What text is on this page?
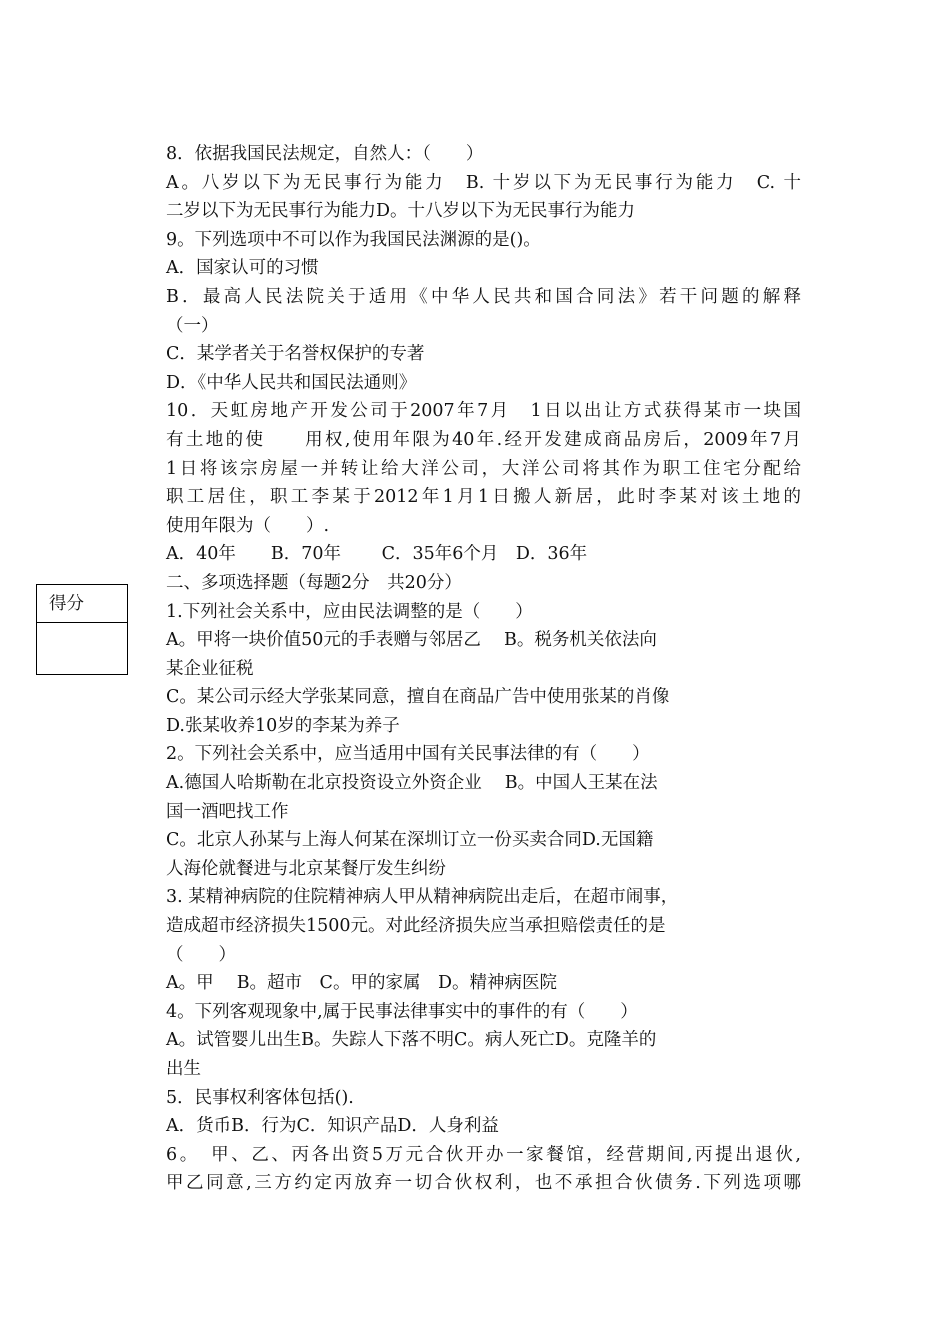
8．依据我国民法规定，自然人：（　　）
A。八岁以下为无民事行为能力　B. 十岁以下为无民事行为能力　C. 十
二岁以下为无民事行为能力D。十八岁以下为无民事行为能力
9。下列选项中不可以作为我国民法渊源的是()。
A．国家认可的习惯
B．最高人民法院关于适用《中华人民共和国合同法》若干问题的解释
（一）
C．某学者关于名誉权保护的专著
D．《中华人民共和国民法通则》
10．天虹房地产开发公司于2007年7月　1日以出让方式获得某市一块国
有土地的使　　用权,使用年限为40年.经开发建成商品房后，2009年7月
1日将该宗房屋一并转让给大洋公司，大洋公司将其作为职工住宅分配给
职工居住，职工李某于2012年1月1日搬人新居，此时李某对该土地的
使用年限为（　　）.
A．40年　　B．70年　　 C．35年6个月　D．36年
二、多项选择题（每题2分　共20分）
1.下列社会关系中，应由民法调整的是（　　）
A。甲将一块价值50元的手表赠与邻居乙　 B。税务机关依法向
某企业征税
C。某公司示经大学张某同意，擅自在商品广告中使用张某的肖像
D.张某收养10岁的李某为养子
2。下列社会关系中，应当适用中国有关民事法律的有（　　）
A.德国人哈斯勒在北京投资设立外资企业　 B。中国人王某在法
国一酒吧找工作
C。北京人孙某与上海人何某在深圳订立一份买卖合同D.无国籍
人海伦就餐进与北京某餐厅发生纠纷
3. 某精神病院的住院精神病人甲从精神病院出走后，在超市闹事，
造成超市经济损失1500元。对此经济损失应当承担赔偿责任的是
（　　）
A。甲　 B。超市　C。甲的家属　D。精神病医院
4。下列客观现象中,属于民事法律事实中的事件的有（　　）
A。试管婴儿出生B。失踪人下落不明C。病人死亡D。克隆羊的
出生
5．民事权利客体包括().
A．货币B．行为C．知识产品D．人身利益
6。　甲、乙、丙各出资5万元合伙开办一家餐馆，经营期间,丙提出退伙,
甲乙同意,三方约定丙放弃一切合伙权利，也不承担合伙债务.下列选项哪
得分
